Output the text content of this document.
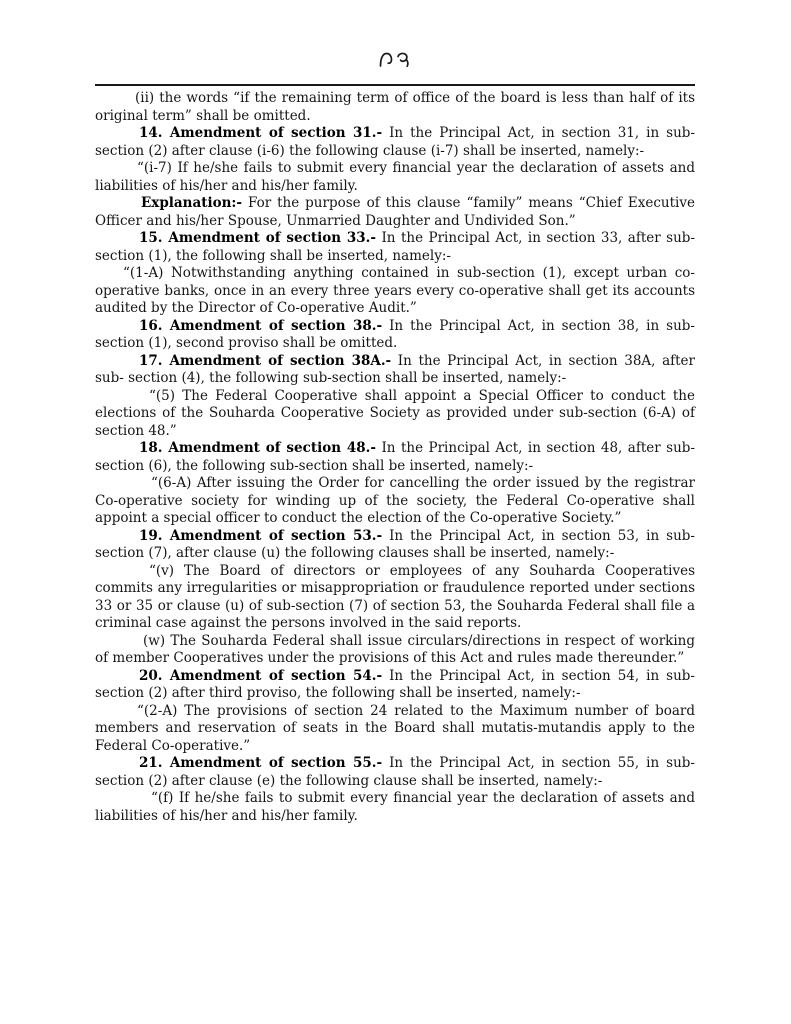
(ii) the words “if the remaining term of office of the board is less than half of its original term” shall be omitted.

14. Amendment of section 31.- In the Principal Act, in section 31, in sub-section (2) after clause (i-6) the following clause (i-7) shall be inserted, namely:-

“(i-7) If he/she fails to submit every financial year the declaration of assets and liabilities of his/her and his/her family.

Explanation:- For the purpose of this clause “family” means “Chief Executive Officer and his/her Spouse, Unmarried Daughter and Undivided Son.”

15. Amendment of section 33.- In the Principal Act, in section 33, after sub-section (1), the following shall be inserted, namely:-

“(1-A) Notwithstanding anything contained in sub-section (1), except urban co-operative banks, once in an every three years every co-operative shall get its accounts audited by the Director of Co-operative Audit.”

16. Amendment of section 38.- In the Principal Act, in section 38, in sub-section (1), second proviso shall be omitted.

17. Amendment of section 38A.- In the Principal Act, in section 38A, after sub- section (4), the following sub-section shall be inserted, namely:-

“(5) The Federal Cooperative shall appoint a Special Officer to conduct the elections of the Souharda Cooperative Society as provided under sub-section (6-A) of section 48.”

18. Amendment of section 48.- In the Principal Act, in section 48, after sub- section (6), the following sub-section shall be inserted, namely:-

“(6-A) After issuing the Order for cancelling the order issued by the registrar Co-operative society for winding up of the society, the Federal Co-operative shall appoint a special officer to conduct the election of the Co-operative Society.”

19. Amendment of section 53.- In the Principal Act, in section 53, in sub-section (7), after clause (u) the following clauses shall be inserted, namely:-

“(v) The Board of directors or employees of any Souharda Cooperatives commits any irregularities or misappropriation or fraudulence reported under sections 33 or 35 or clause (u) of sub-section (7) of section 53, the Souharda Federal shall file a criminal case against the persons involved in the said reports.

(w) The Souharda Federal shall issue circulars/directions in respect of working of member Cooperatives under the provisions of this Act and rules made thereunder.”

20. Amendment of section 54.- In the Principal Act, in section 54, in sub-section (2) after third proviso, the following shall be inserted, namely:-

“(2-A) The provisions of section 24 related to the Maximum number of board members and reservation of seats in the Board shall mutatis-mutandis apply to the Federal Co-operative.”

21. Amendment of section 55.- In the Principal Act, in section 55, in sub-section (2) after clause (e) the following clause shall be inserted, namely:-

“(f) If he/she fails to submit every financial year the declaration of assets and liabilities of his/her and his/her family.
